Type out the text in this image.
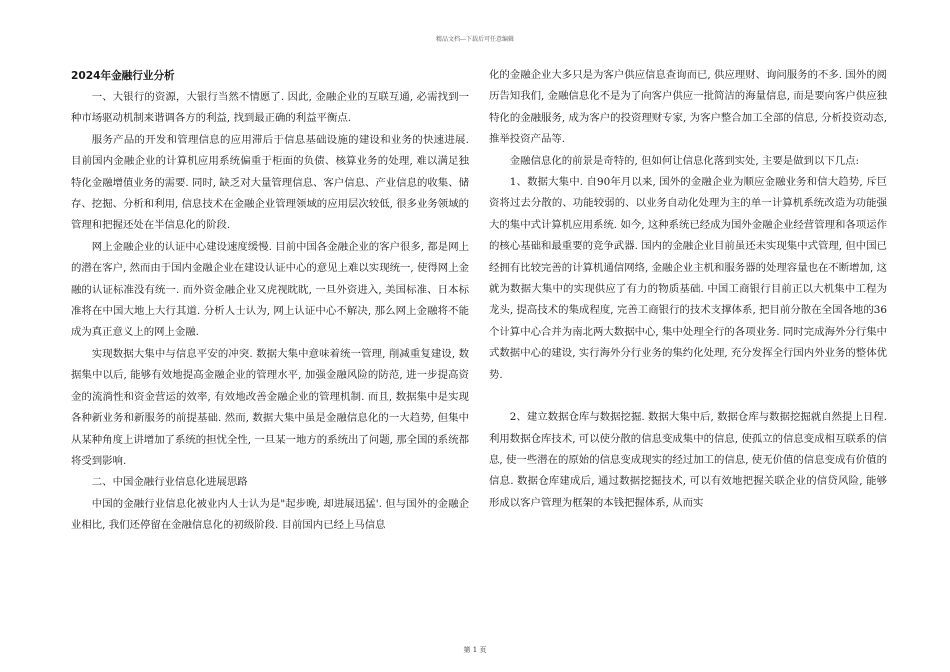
精品文档---下载后可任意编辑
2024年金融行业分析

一、大银行的资源，大银行当然不情愿了. 因此, 金融企业的互联互通, 必需找到一种市场驱动机制来谐调各方的利益, 找到最正确的利益平衡点.

服务产品的开发和管理信息的应用滞后于信息基础设施的建设和业务的快速进展. 目前国内金融企业的计算机应用系统偏重于柜面的负债、核算业务的处理, 难以满足独特化金融增值业务的需要. 同时, 缺乏对大量管理信息、客户信息、产业信息的收集、储存、挖掘、分析和利用, 信息技术在金融企业管理领域的应用层次较低, 很多业务领域的管理和把握还处在半信息化的阶段.

网上金融企业的认证中心建设速度缓慢. 目前中国各金融企业的客户很多, 都是网上的潜在客户, 然而由于国内金融企业在建设认证中心的意见上难以实现统一, 使得网上金融的认证标准没有统一. 而外资金融企业又虎视眈眈, 一旦外资进入, 美国标准、日本标准将在中国大地上大行其道. 分析人士认为, 网上认证中心不解决, 那么网上金融将不能成为真正意义上的网上金融.

实现数据大集中与信息平安的冲突. 数据大集中意味着统一管理, 削减重复建设, 数据集中以后, 能够有效地提高金融企业的管理水平, 加强金融风险的防范, 进一步提高资金的流淌性和资金营运的效率, 有效地改善金融企业的管理机制. 而且, 数据集中是实现各种新业务和新服务的前提基础. 然而, 数据大集中虽是金融信息化的一大趋势, 但集中从某种角度上讲增加了系统的担忧全性, 一旦某一地方的系统出了问题, 那全国的系统都将受到影响.

二、中国金融行业信息化进展思路

中国的金融行业信息化被业内人士认为是"起步晚, 却进展迅猛'. 但与国外的金融企业相比, 我们还停留在金融信息化的初级阶段. 目前国内已经上马信息

化的金融企业大多只是为客户供应信息查询而已, 供应理财、询问服务的不多. 国外的阅历告知我们, 金融信息化不是为了向客户供应一批简洁的海量信息, 而是要向客户供应独特化的金融服务, 成为客户的投资理财专家, 为客户整合加工全部的信息, 分析投资动态, 推举投资产品等.

金融信息化的前景是奇特的, 但如何让信息化落到实处, 主要是做到以下几点:

1、数据大集中. 自90年月以来, 国外的金融企业为顺应金融业务和信大趋势, 斥巨资将过去分散的、功能较弱的、以业务自动化处理为主的单一计算机系统改造为功能强大的集中式计算机应用系统. 如今, 这种系统已经成为国外金融企业经营管理和各项运作的核心基础和最重要的竞争武器. 国内的金融企业目前虽还未实现集中式管理, 但中国已经拥有比较完善的计算机通信网络, 金融企业主机和服务器的处理容量也在不断增加, 这就为数据大集中的实现供应了有力的物质基础. 中国工商银行目前正以大机集中工程为龙头, 提高技术的集成程度, 完善工商银行的技术支撑体系, 把目前分散在全国各地的36个计算中心合并为南北两大数据中心, 集中处理全行的各项业务. 同时完成海外分行集中式数据中心的建设, 实行海外分行业务的集约化处理, 充分发挥全行国内外业务的整体优势.

2、建立数据仓库与数据挖掘. 数据大集中后, 数据仓库与数据挖掘就自然提上日程. 利用数据仓库技术, 可以使分散的信息变成集中的信息, 使孤立的信息变成相互联系的信息, 使一些潜在的原始的信息变成现实的经过加工的信息, 使无价值的信息变成有价值的信息. 数据仓库建成后, 通过数据挖掘技术, 可以有效地把握关联企业的信贷风险, 能够形成以客户管理为框架的本钱把握体系, 从而实

第 1 页
